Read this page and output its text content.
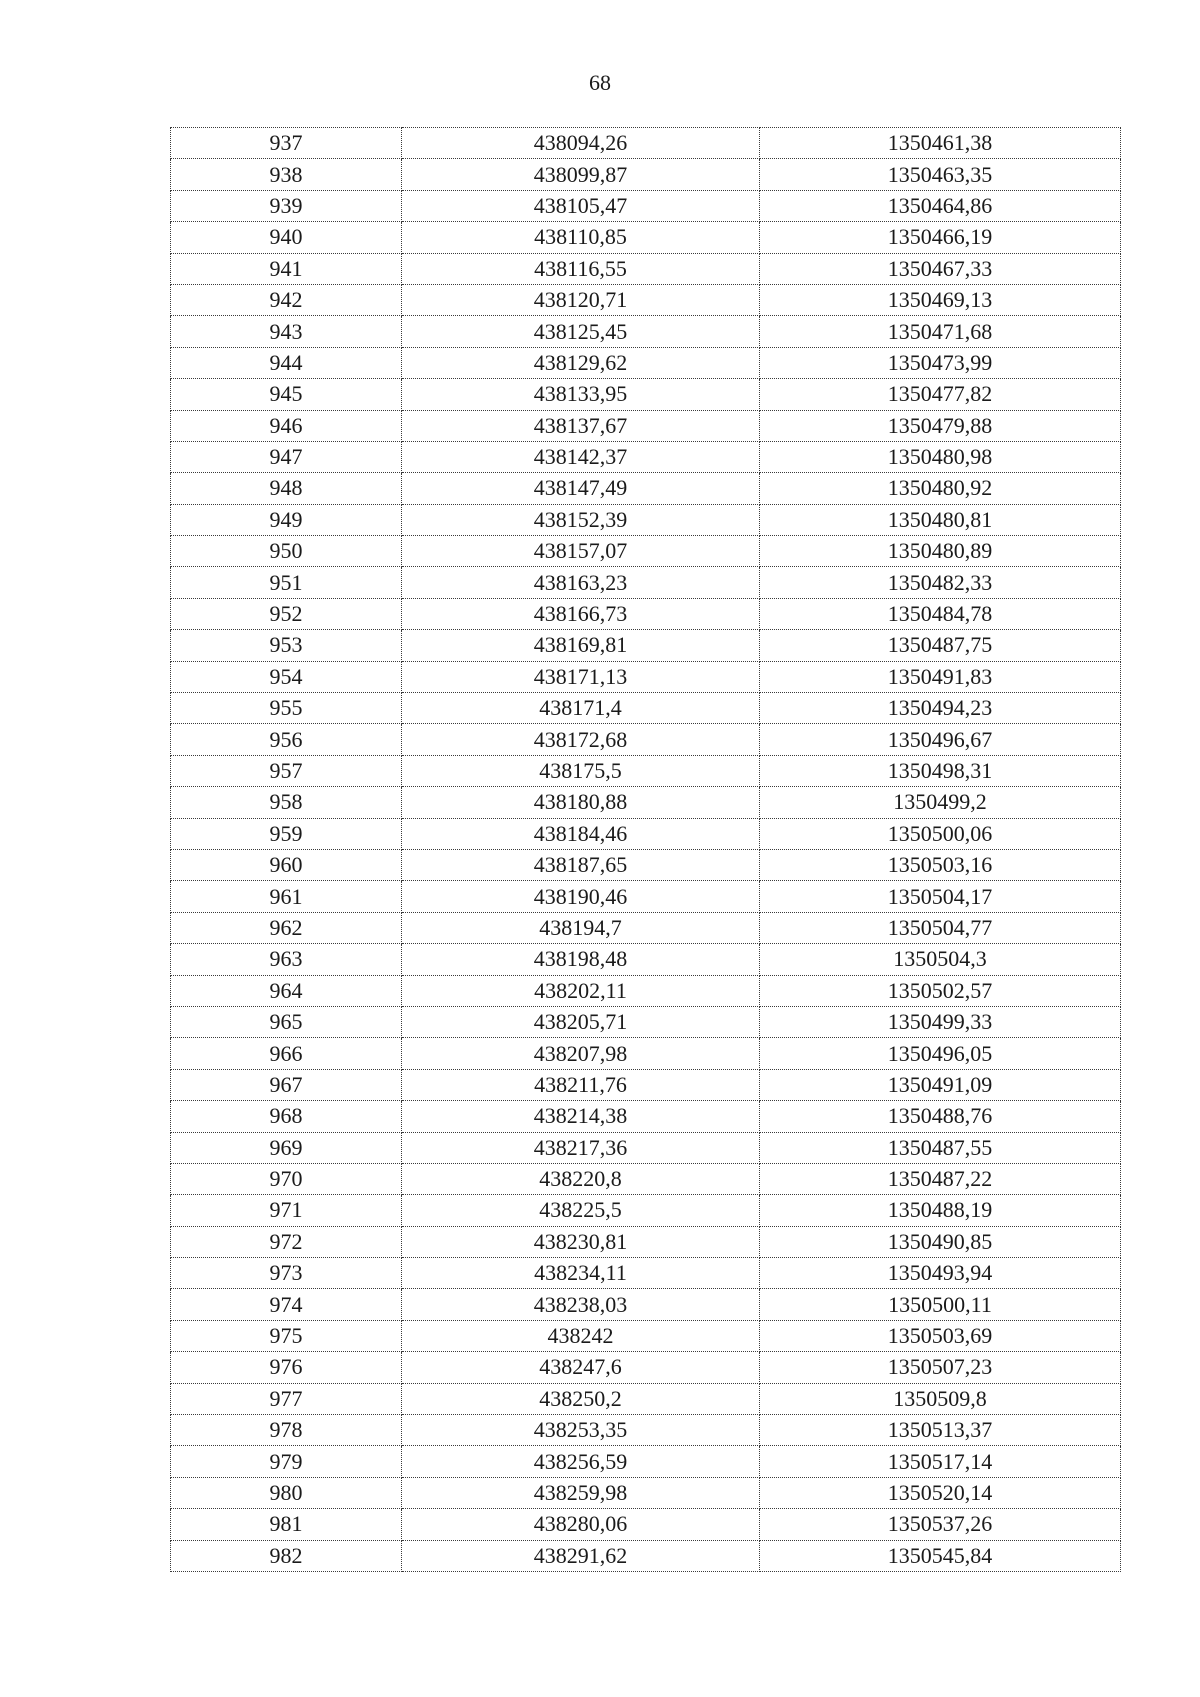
68
937	438094,26	1350461,38
938	438099,87	1350463,35
939	438105,47	1350464,86
940	438110,85	1350466,19
941	438116,55	1350467,33
942	438120,71	1350469,13
943	438125,45	1350471,68
944	438129,62	1350473,99
945	438133,95	1350477,82
946	438137,67	1350479,88
947	438142,37	1350480,98
948	438147,49	1350480,92
949	438152,39	1350480,81
950	438157,07	1350480,89
951	438163,23	1350482,33
952	438166,73	1350484,78
953	438169,81	1350487,75
954	438171,13	1350491,83
955	438171,4	1350494,23
956	438172,68	1350496,67
957	438175,5	1350498,31
958	438180,88	1350499,2
959	438184,46	1350500,06
960	438187,65	1350503,16
961	438190,46	1350504,17
962	438194,7	1350504,77
963	438198,48	1350504,3
964	438202,11	1350502,57
965	438205,71	1350499,33
966	438207,98	1350496,05
967	438211,76	1350491,09
968	438214,38	1350488,76
969	438217,36	1350487,55
970	438220,8	1350487,22
971	438225,5	1350488,19
972	438230,81	1350490,85
973	438234,11	1350493,94
974	438238,03	1350500,11
975	438242	1350503,69
976	438247,6	1350507,23
977	438250,2	1350509,8
978	438253,35	1350513,37
979	438256,59	1350517,14
980	438259,98	1350520,14
981	438280,06	1350537,26
982	438291,62	1350545,84
